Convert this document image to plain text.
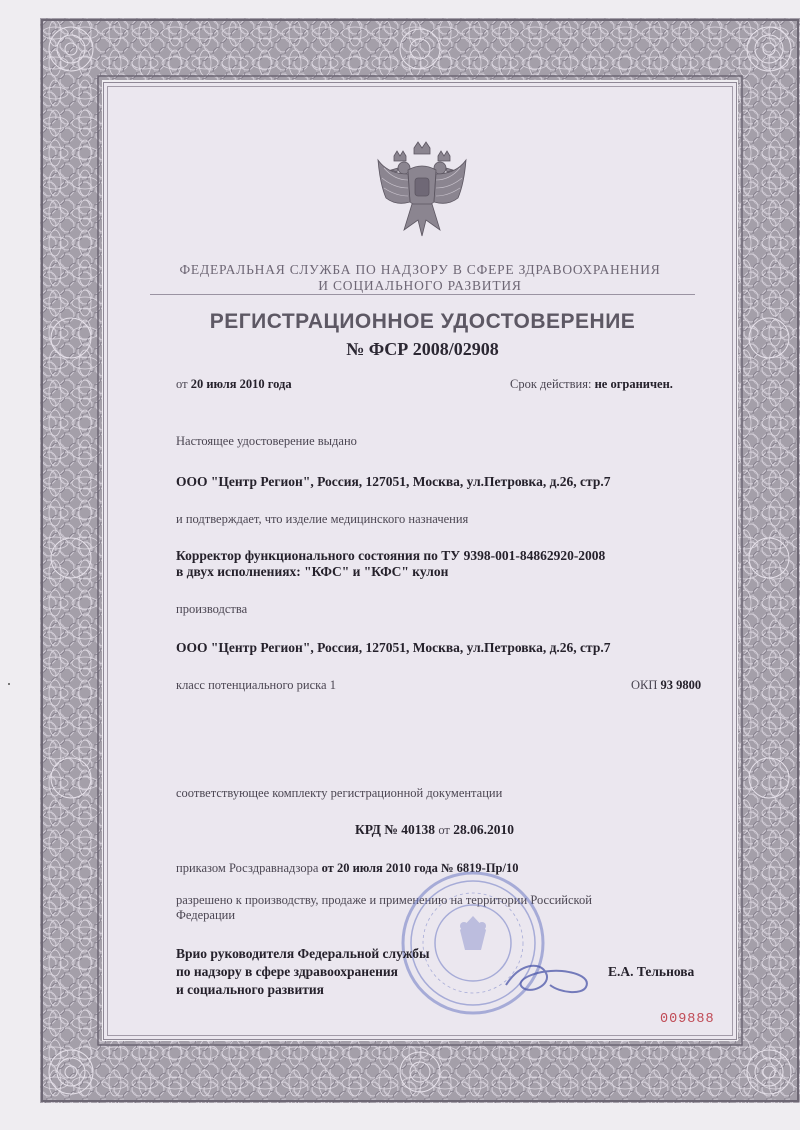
ФЕДЕРАЛЬНАЯ СЛУЖБА ПО НАДЗОРУ В СФЕРЕ ЗДРАВООХРАНЕНИЯ
И СОЦИАЛЬНОГО РАЗВИТИЯ
РЕГИСТРАЦИОННОЕ УДОСТОВЕРЕНИЕ
№ ФСР 2008/02908
от 20 июля 2010 года	Срок действия: не ограничен.
Настоящее удостоверение выдано
ООО "Центр Регион", Россия, 127051, Москва, ул.Петровка, д.26, стр.7
и подтверждает, что изделие медицинского назначения
Корректор функционального состояния по ТУ 9398-001-84862920-2008
в двух исполнениях: "КФС" и "КФС" кулон
производства
ООО "Центр Регион", Россия, 127051, Москва, ул.Петровка, д.26, стр.7
класс потенциального риска 1	ОКП 93 9800
соответствующее комплекту регистрационной документации
КРД № 40138 от 28.06.2010
приказом Росздравнадзора от 20 июля 2010 года № 6819-Пр/10
разрешено к производству, продаже и применению на территории Российской
Федерации
Врио руководителя Федеральной службы
по надзору в сфере здравоохранения
и социального развития
Е.А. Тельнова
009888
